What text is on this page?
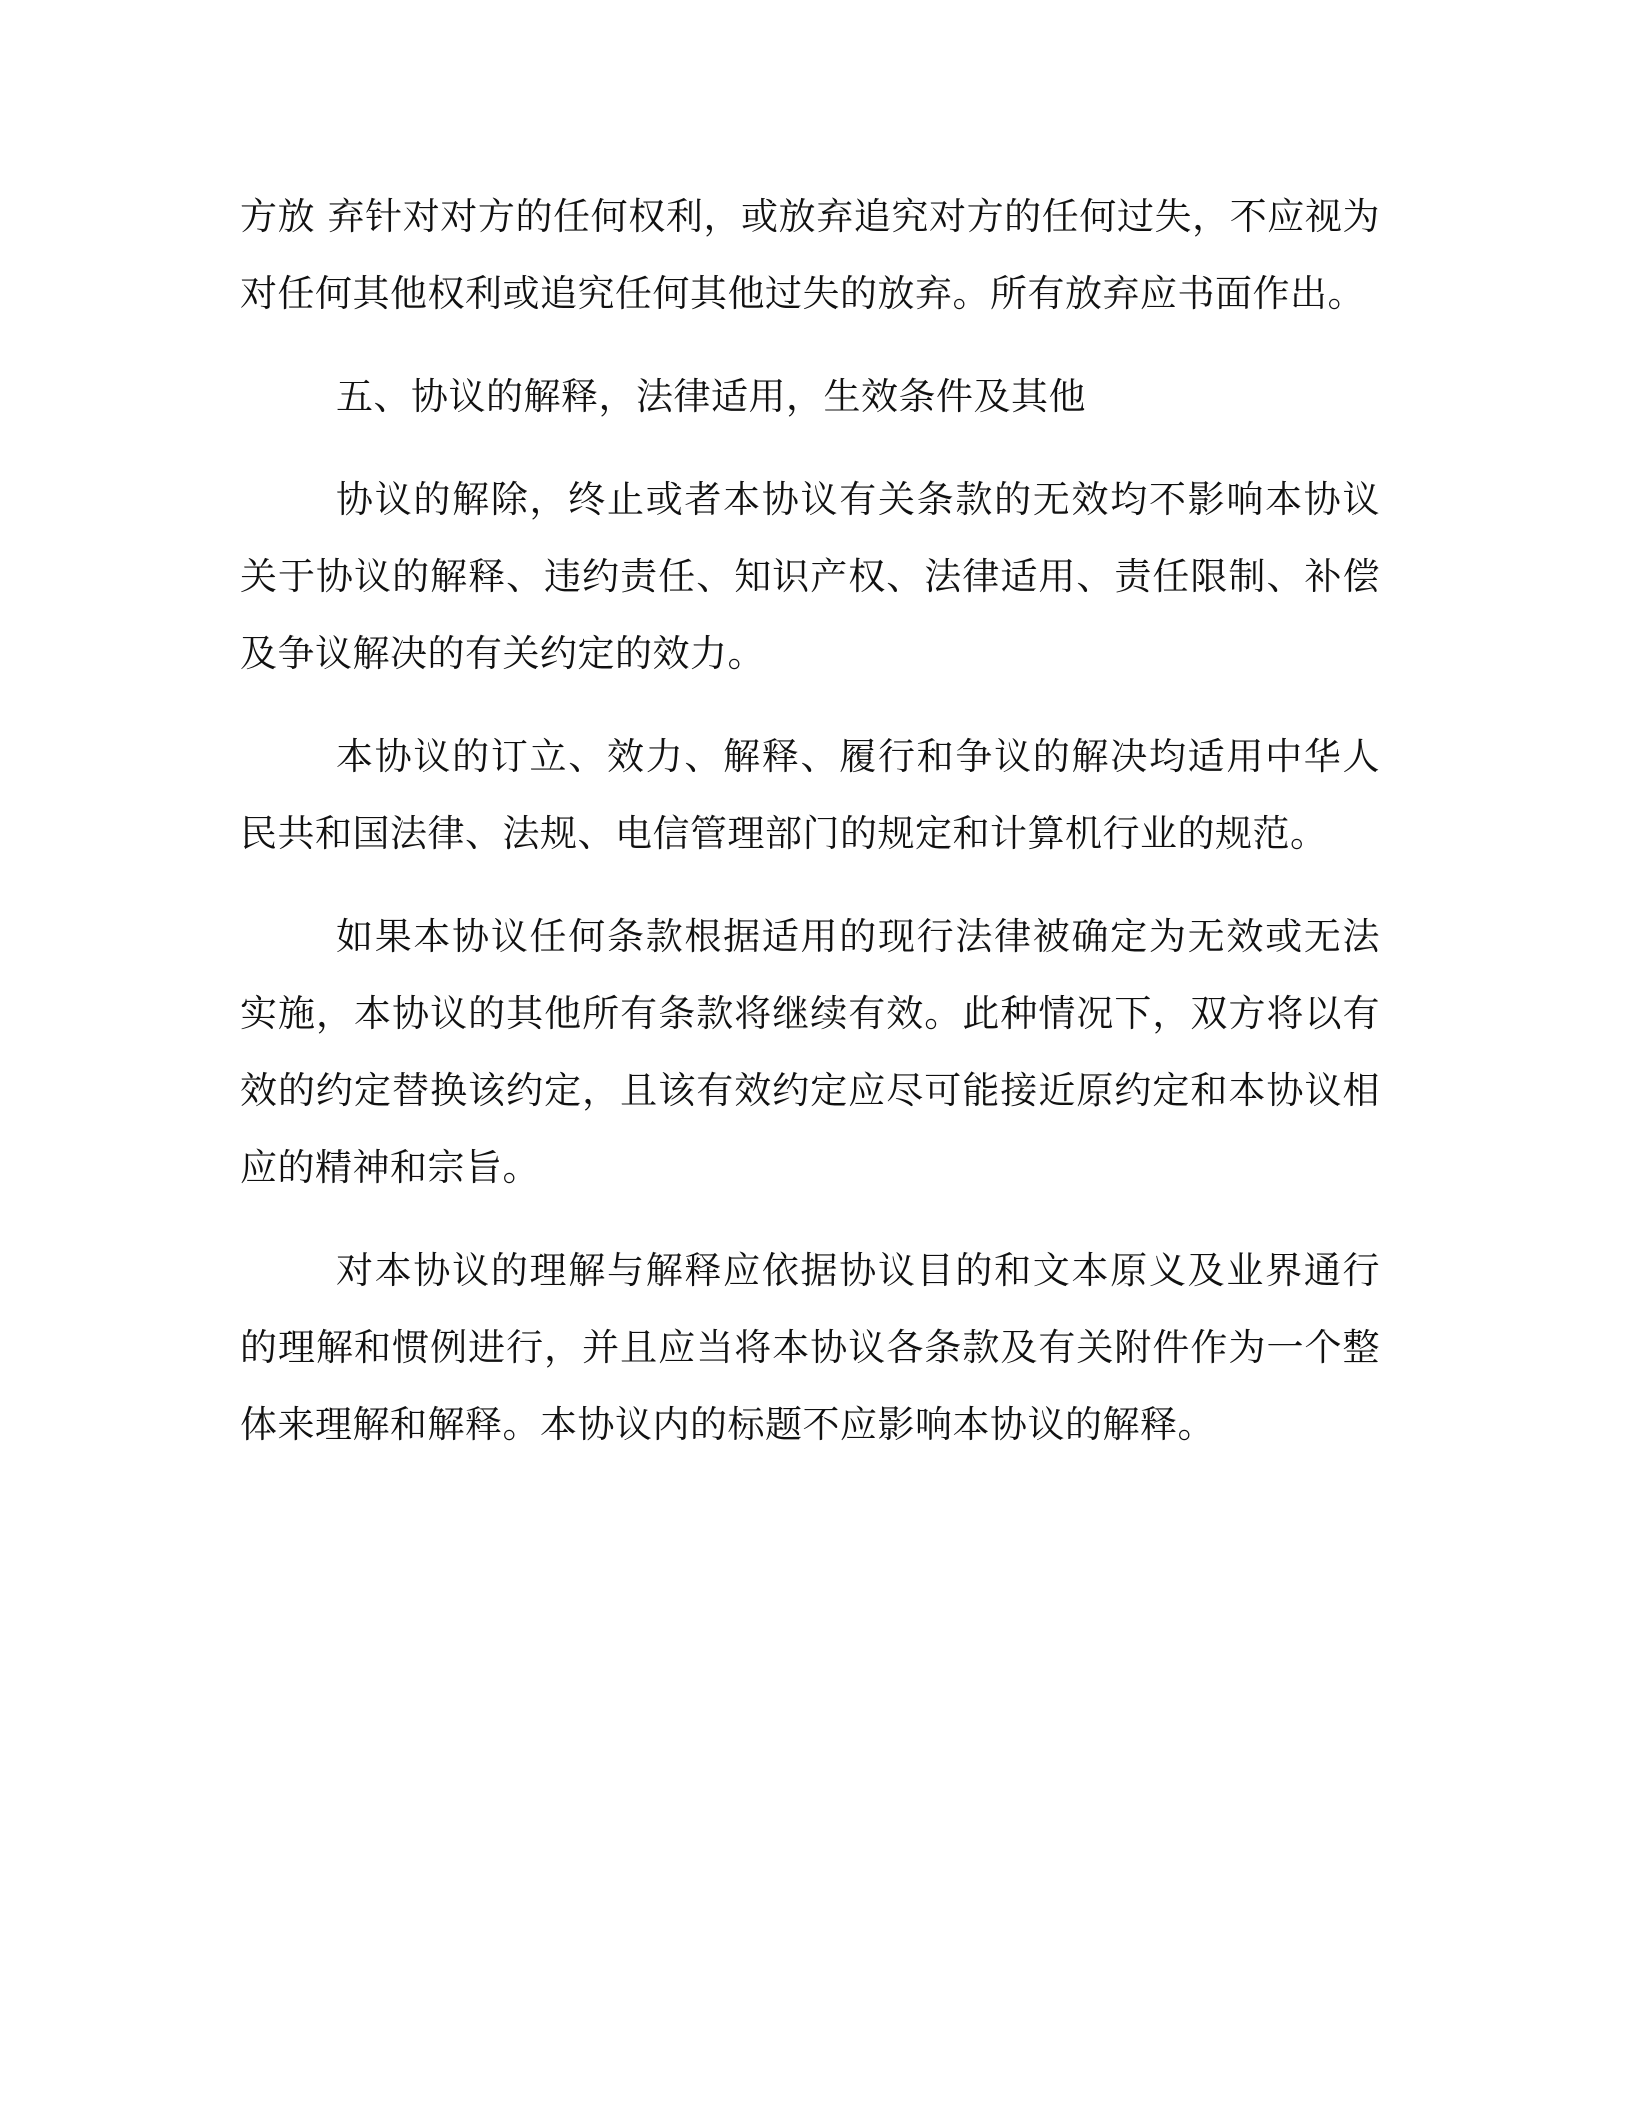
方放 弃针对对方的任何权利，或放弃追究对方的任何过失，不应视为对任何其他权利或追究任何其他过失的放弃。所有放弃应书面作出。

五、协议的解释，法律适用，生效条件及其他

协议的解除，终止或者本协议有关条款的无效均不影响本协议关于协议的解释、违约责任、知识产权、法律适用、责任限制、补偿及争议解决的有关约定的效力。

本协议的订立、效力、解释、履行和争议的解决均适用中华人民共和国法律、法规、电信管理部门的规定和计算机行业的规范。

如果本协议任何条款根据适用的现行法律被确定为无效或无法实施，本协议的其他所有条款将继续有效。此种情况下，双方将以有效的约定替换该约定，且该有效约定应尽可能接近原约定和本协议相应的精神和宗旨。

对本协议的理解与解释应依据协议目的和文本原义及业界通行的理解和惯例进行，并且应当将本协议各条款及有关附件作为一个整体来理解和解释。本协议内的标题不应影响本协议的解释。
